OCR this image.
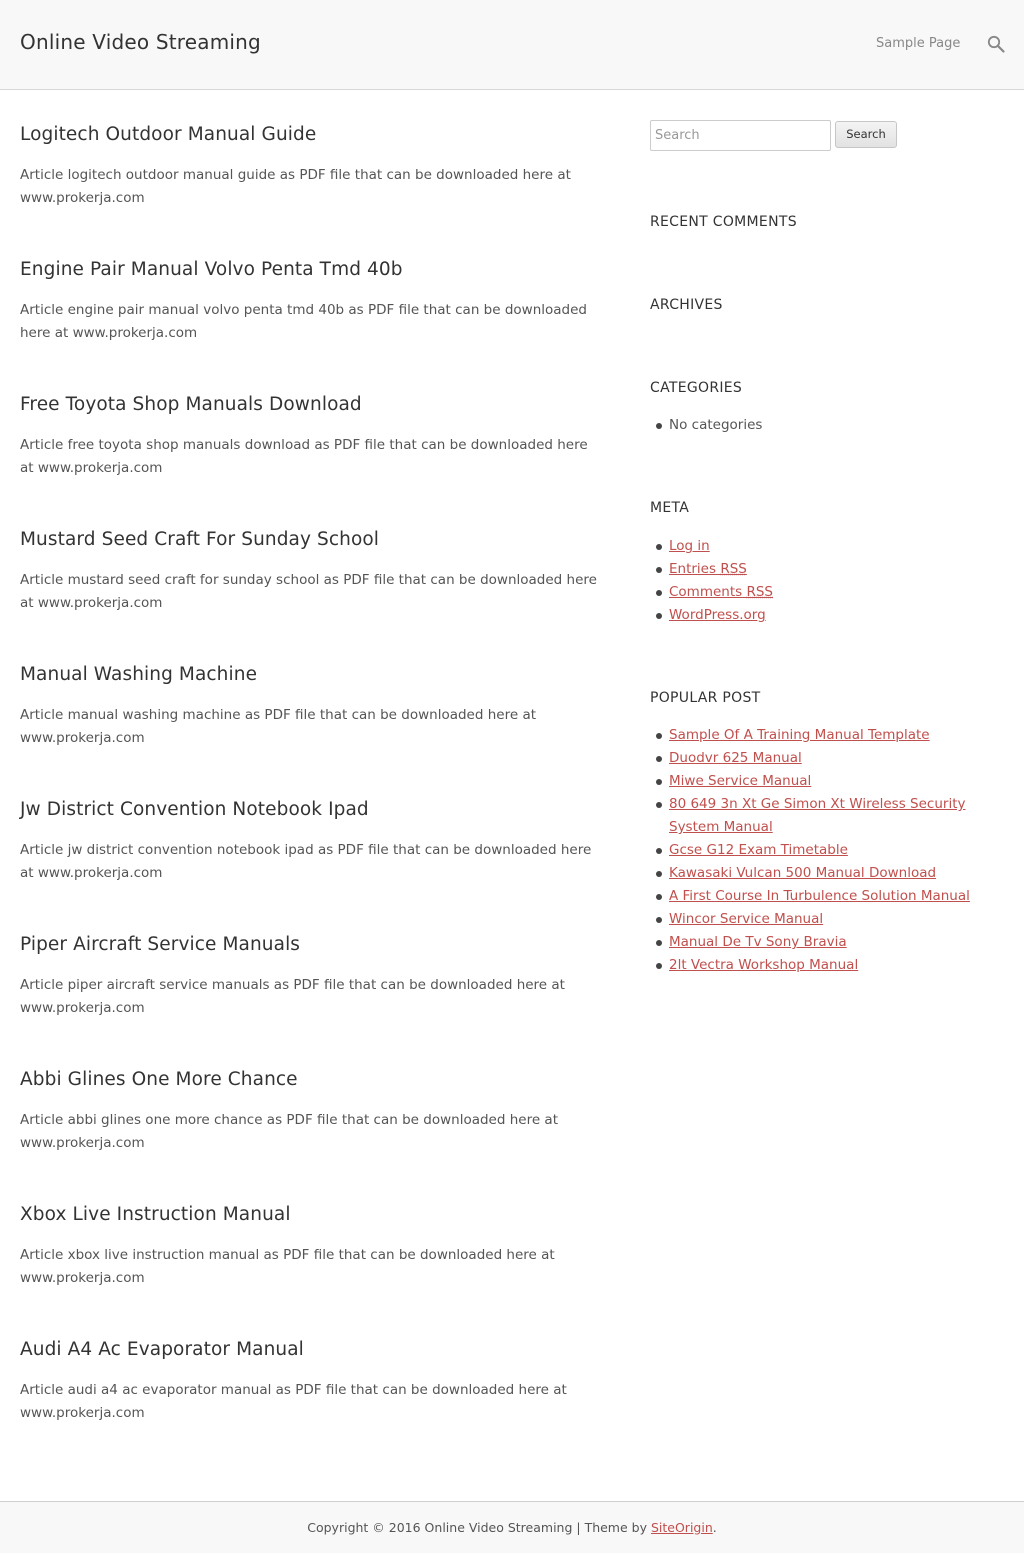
Online Video Streaming	Sample Page
Logitech Outdoor Manual Guide
Article logitech outdoor manual guide as PDF file that can be downloaded here at www.prokerja.com
Engine Pair Manual Volvo Penta Tmd 40b
Article engine pair manual volvo penta tmd 40b as PDF file that can be downloaded here at www.prokerja.com
Free Toyota Shop Manuals Download
Article free toyota shop manuals download as PDF file that can be downloaded here at www.prokerja.com
Mustard Seed Craft For Sunday School
Article mustard seed craft for sunday school as PDF file that can be downloaded here at www.prokerja.com
Manual Washing Machine
Article manual washing machine as PDF file that can be downloaded here at www.prokerja.com
Jw District Convention Notebook Ipad
Article jw district convention notebook ipad as PDF file that can be downloaded here at www.prokerja.com
Piper Aircraft Service Manuals
Article piper aircraft service manuals as PDF file that can be downloaded here at www.prokerja.com
Abbi Glines One More Chance
Article abbi glines one more chance as PDF file that can be downloaded here at www.prokerja.com
Xbox Live Instruction Manual
Article xbox live instruction manual as PDF file that can be downloaded here at www.prokerja.com
Audi A4 Ac Evaporator Manual
Article audi a4 ac evaporator manual as PDF file that can be downloaded here at www.prokerja.com
Search	Search
RECENT COMMENTS
ARCHIVES
CATEGORIES
No categories
META
Log in
Entries RSS
Comments RSS
WordPress.org
POPULAR POST
Sample Of A Training Manual Template
Duodvr 625 Manual
Miwe Service Manual
80 649 3n Xt Ge Simon Xt Wireless Security System Manual
Gcse G12 Exam Timetable
Kawasaki Vulcan 500 Manual Download
A First Course In Turbulence Solution Manual
Wincor Service Manual
Manual De Tv Sony Bravia
2lt Vectra Workshop Manual
Copyright © 2016 Online Video Streaming | Theme by SiteOrigin.
